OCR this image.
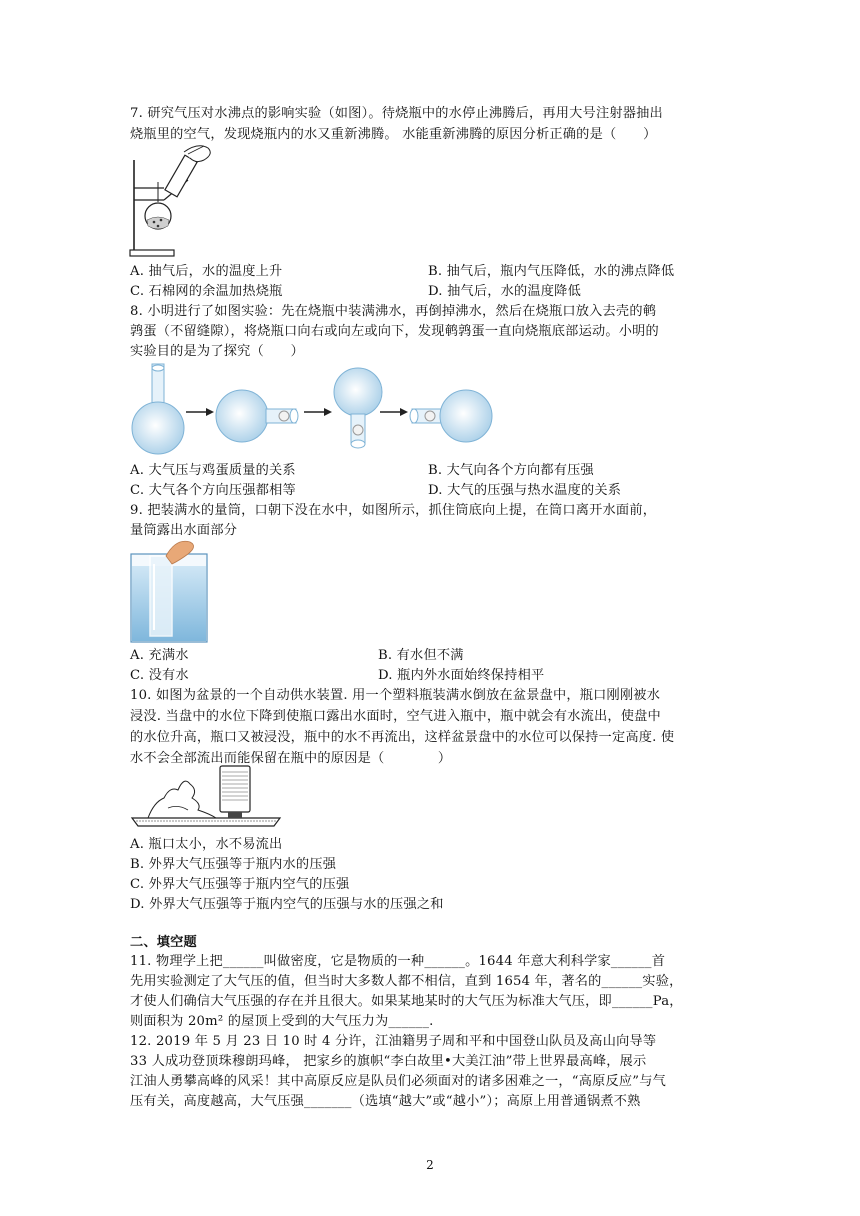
7. 研究气压对水沸点的影响实验（如图）。待烧瓶中的水停止沸腾后，再用大号注射器抽出
烧瓶里的空气，发现烧瓶内的水又重新沸腾。 水能重新沸腾的原因分析正确的是（　　）
A. 抽气后，水的温度上升	B. 抽气后，瓶内气压降低，水的沸点降低
C. 石棉网的余温加热烧瓶	D. 抽气后，水的温度降低
8. 小明进行了如图实验：先在烧瓶中装满沸水，再倒掉沸水，然后在烧瓶口放入去壳的鹌
鹑蛋（不留缝隙），将烧瓶口向右或向左或向下，发现鹌鹑蛋一直向烧瓶底部运动。小明的
实验目的是为了探究（　　）
A. 大气压与鸡蛋质量的关系	B. 大气向各个方向都有压强
C. 大气各个方向压强都相等	D. 大气的压强与热水温度的关系
9. 把装满水的量筒，口朝下没在水中，如图所示，抓住筒底向上提，在筒口离开水面前，
量筒露出水面部分
A. 充满水	B. 有水但不满
C. 没有水	D. 瓶内外水面始终保持相平
10. 如图为盆景的一个自动供水装置. 用一个塑料瓶装满水倒放在盆景盘中，瓶口刚刚被水
浸没. 当盘中的水位下降到使瓶口露出水面时，空气进入瓶中，瓶中就会有水流出，使盘中
的水位升高，瓶口又被浸没，瓶中的水不再流出，这样盆景盘中的水位可以保持一定高度. 使
水不会全部流出而能保留在瓶中的原因是（　　　　）
A. 瓶口太小，水不易流出
B. 外界大气压强等于瓶内水的压强
C. 外界大气压强等于瓶内空气的压强
D. 外界大气压强等于瓶内空气的压强与水的压强之和
二、填空题
11. 物理学上把______叫做密度，它是物质的一种______。1644 年意大利科学家______首
先用实验测定了大气压的值，但当时大多数人都不相信，直到 1654 年，著名的______实验，
才使人们确信大气压强的存在并且很大。如果某地某时的大气压为标准大气压，即______Pa，
则面积为 20m² 的屋顶上受到的大气压力为______.
12. 2019 年 5 月 23 日 10 时 4 分许，江油籍男子周和平和中国登山队员及高山向导等
33 人成功登顶珠穆朗玛峰， 把家乡的旗帜“李白故里•大美江油”带上世界最高峰，展示
江油人勇攀高峰的风采！其中高原反应是队员们必须面对的诸多困难之一，“高原反应”与气
压有关，高度越高，大气压强_______（选填“越大”或“越小”）；高原上用普通锅煮不熟
2
